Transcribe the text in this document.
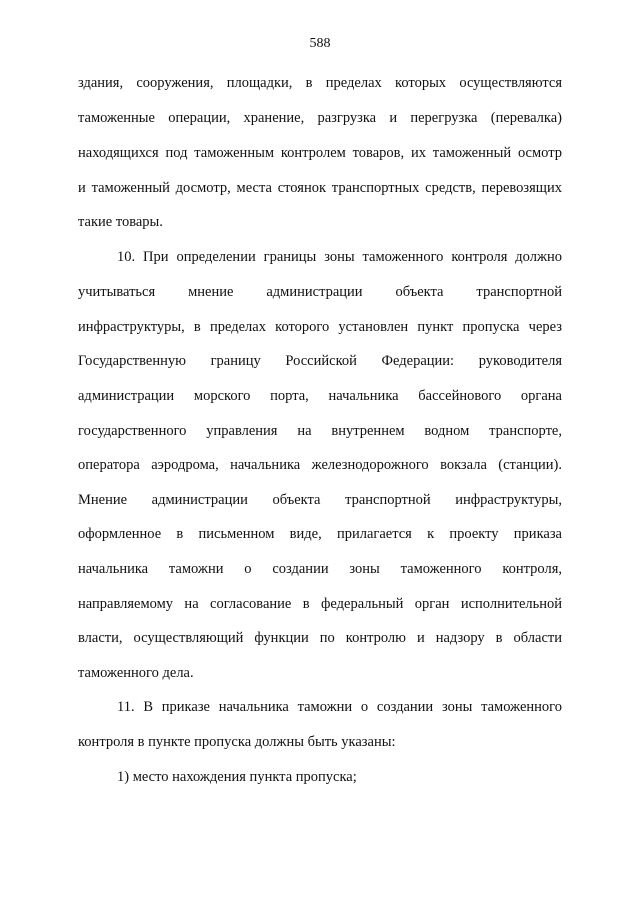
588
здания, сооружения, площадки, в пределах которых осуществляются
таможенные операции, хранение, разгрузка и перегрузка (перевалка)
находящихся под таможенным контролем товаров, их таможенный осмотр
и таможенный досмотр, места стоянок транспортных средств, перевозящих
такие товары.
10. При определении границы зоны таможенного контроля должно
учитываться мнение администрации объекта транспортной
инфраструктуры, в пределах которого установлен пункт пропуска через
Государственную границу Российской Федерации: руководителя
администрации морского порта, начальника бассейнового органа
государственного управления на внутреннем водном транспорте,
оператора аэродрома, начальника железнодорожного вокзала (станции).
Мнение администрации объекта транспортной инфраструктуры,
оформленное в письменном виде, прилагается к проекту приказа
начальника таможни о создании зоны таможенного контроля,
направляемому на согласование в федеральный орган исполнительной
власти, осуществляющий функции по контролю и надзору в области
таможенного дела.
11. В приказе начальника таможни о создании зоны таможенного
контроля в пункте пропуска должны быть указаны:
1) место нахождения пункта пропуска;
